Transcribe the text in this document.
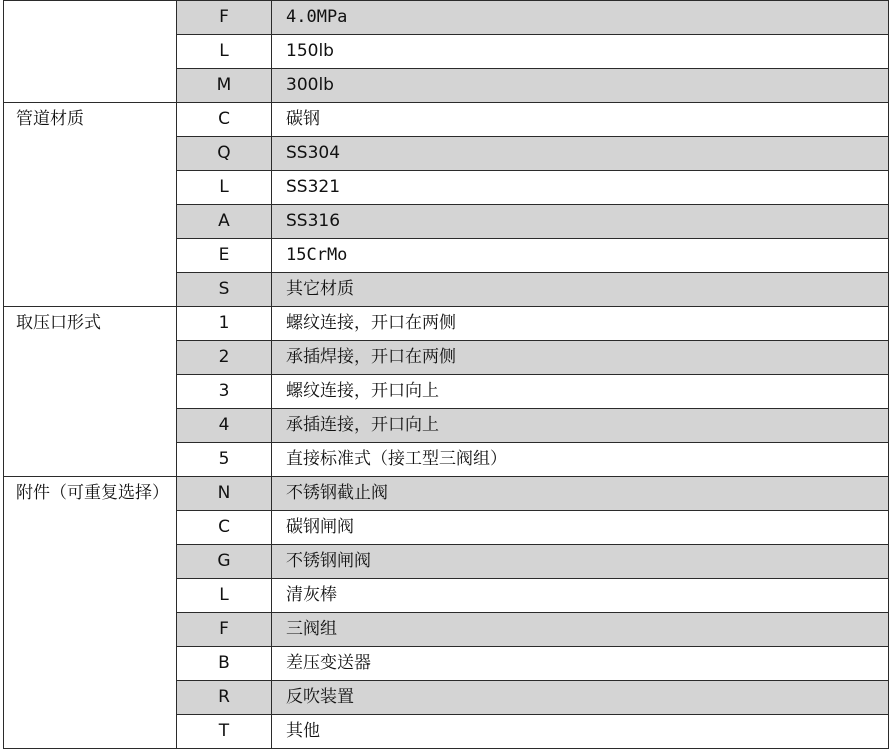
	F	4.0MPa
	L	150lb
	M	300lb
管道材质	C	碳钢
	Q	SS304
	L	SS321
	A	SS316
	E	15CrMo
	S	其它材质
取压口形式	1	螺纹连接，开口在两侧
	2	承插焊接，开口在两侧
	3	螺纹连接，开口向上
	4	承插连接，开口向上
	5	直接标准式（接工型三阀组）
附件（可重复选择）	N	不锈钢截止阀
	C	碳钢闸阀
	G	不锈钢闸阀
	L	清灰棒
	F	三阀组
	B	差压变送器
	R	反吹装置
	T	其他
